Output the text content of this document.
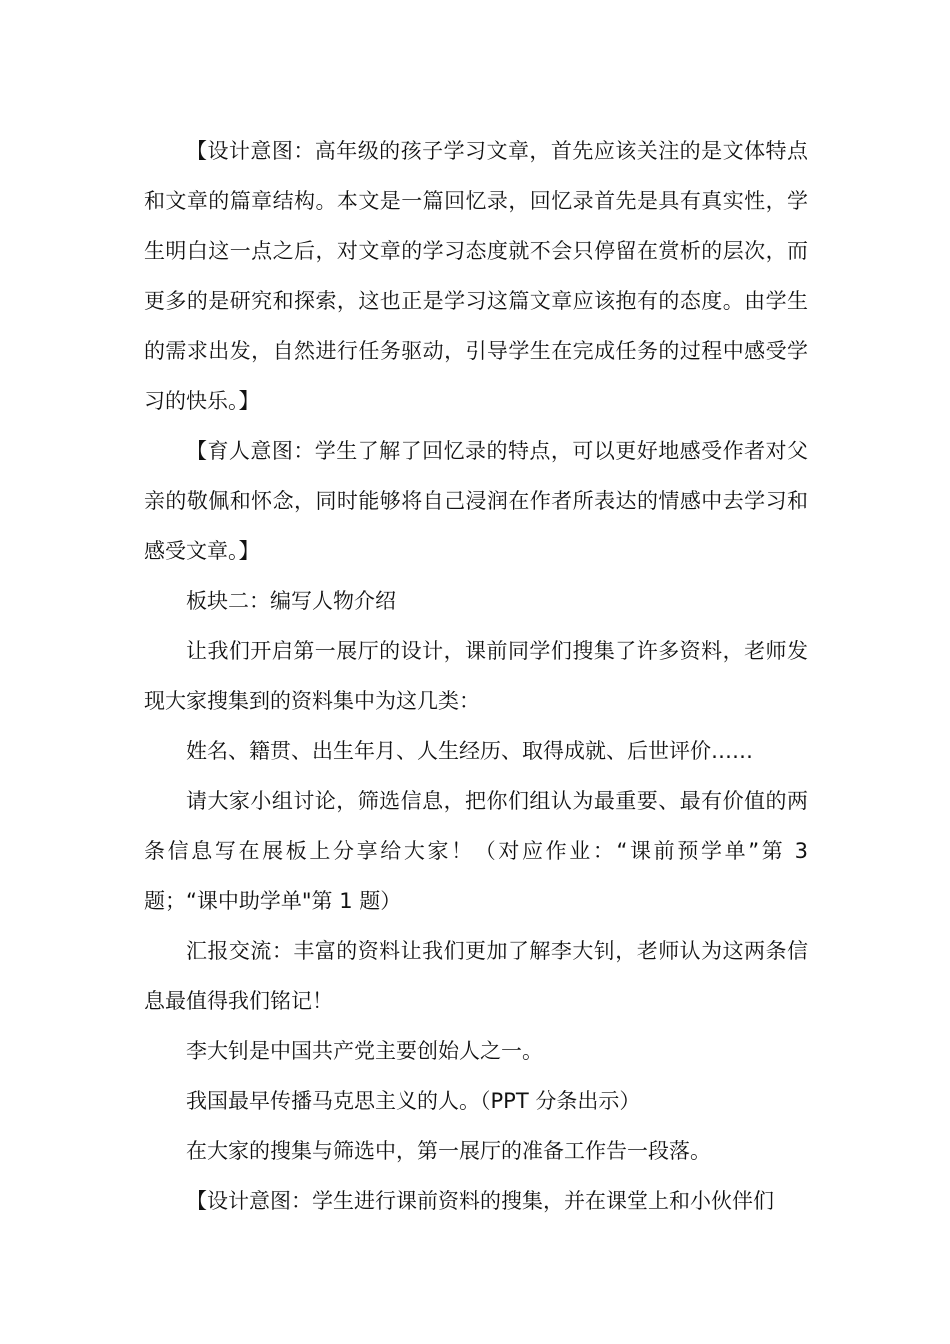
【设计意图：高年级的孩子学习文章，首先应该关注的是文体特点和文章的篇章结构。本文是一篇回忆录，回忆录首先是具有真实性，学生明白这一点之后，对文章的学习态度就不会只停留在赏析的层次，而更多的是研究和探索，这也正是学习这篇文章应该抱有的态度。由学生的需求出发，自然进行任务驱动，引导学生在完成任务的过程中感受学习的快乐。】

【育人意图：学生了解了回忆录的特点，可以更好地感受作者对父亲的敬佩和怀念，同时能够将自己浸润在作者所表达的情感中去学习和感受文章。】

板块二：编写人物介绍

让我们开启第一展厅的设计，课前同学们搜集了许多资料，老师发现大家搜集到的资料集中为这几类：

姓名、籍贯、出生年月、人生经历、取得成就、后世评价……

请大家小组讨论，筛选信息，把你们组认为最重要、最有价值的两条信息写在展板上分享给大家！（对应作业：“课前预学单”第 3 题；“课中助学单"第 1 题）

汇报交流：丰富的资料让我们更加了解李大钊，老师认为这两条信息最值得我们铭记！

李大钊是中国共产党主要创始人之一。

我国最早传播马克思主义的人。（PPT 分条出示）

在大家的搜集与筛选中，第一展厅的准备工作告一段落。

【设计意图：学生进行课前资料的搜集，并在课堂上和小伙伴们
